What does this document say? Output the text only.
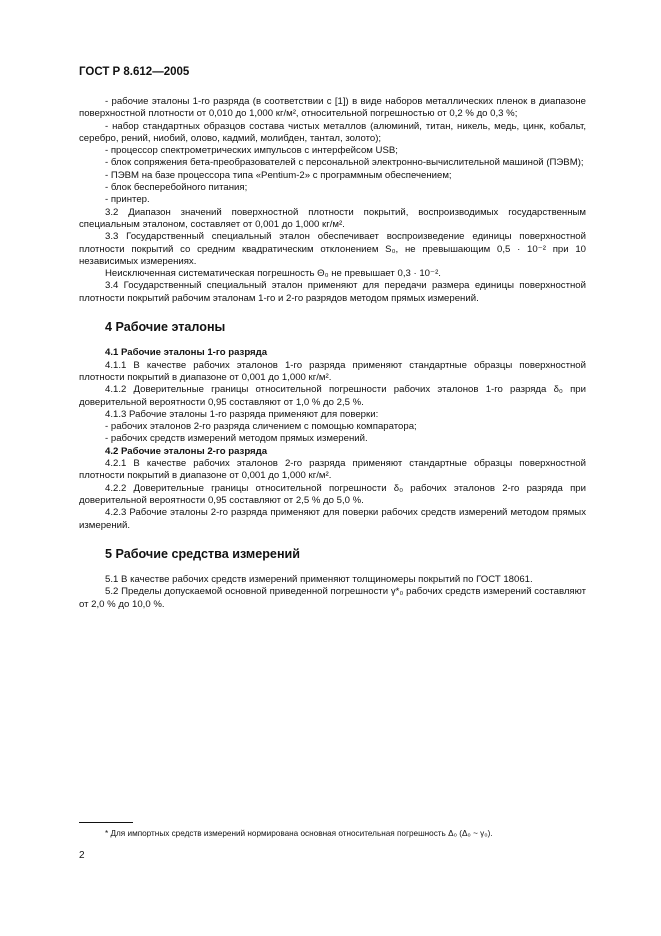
ГОСТ Р 8.612—2005

- рабочие эталоны 1-го разряда (в соответствии с [1]) в виде наборов металлических пленок в диапазоне поверхностной плотности от 0,010 до 1,000 кг/м², относительной погрешностью от 0,2 % до 0,3 %;

- набор стандартных образцов состава чистых металлов (алюминий, титан, никель, медь, цинк, кобальт, серебро, рений, ниобий, олово, кадмий, молибден, тантал, золото);

- процессор спектрометрических импульсов с интерфейсом USB;

- блок сопряжения бета-преобразователей с персональной электронно-вычислительной машиной (ПЭВМ);

- ПЭВМ на базе процессора типа «Pentium-2» с программным обеспечением;

- блок бесперебойного питания;

- принтер.

3.2 Диапазон значений поверхностной плотности покрытий, воспроизводимых государственным специальным эталоном, составляет от 0,001 до 1,000 кг/м².

3.3 Государственный специальный эталон обеспечивает воспроизведение единицы поверхностной плотности покрытий со средним квадратическим отклонением S₀, не превышающим 0,5 · 10⁻² при 10 независимых измерениях.

Неисключенная систематическая погрешность Θ₀ не превышает 0,3 · 10⁻².

3.4 Государственный специальный эталон применяют для передачи размера единицы поверхностной плотности покрытий рабочим эталонам 1-го и 2-го разрядов методом прямых измерений.

4 Рабочие эталоны

4.1 Рабочие эталоны 1-го разряда

4.1.1 В качестве рабочих эталонов 1-го разряда применяют стандартные образцы поверхностной плотности покрытий в диапазоне от 0,001 до 1,000 кг/м².

4.1.2 Доверительные границы относительной погрешности рабочих эталонов 1-го разряда δ₀ при доверительной вероятности 0,95 составляют от 1,0 % до 2,5 %.

4.1.3 Рабочие эталоны 1-го разряда применяют для поверки:

- рабочих эталонов 2-го разряда сличением с помощью компаратора;

- рабочих средств измерений методом прямых измерений.

4.2 Рабочие эталоны 2-го разряда

4.2.1 В качестве рабочих эталонов 2-го разряда применяют стандартные образцы поверхностной плотности покрытий в диапазоне от 0,001 до 1,000 кг/м².

4.2.2 Доверительные границы относительной погрешности δ₀ рабочих эталонов 2-го разряда при доверительной вероятности 0,95 составляют от 2,5 % до 5,0 %.

4.2.3 Рабочие эталоны 2-го разряда применяют для поверки рабочих средств измерений методом прямых измерений.

5 Рабочие средства измерений

5.1 В качестве рабочих средств измерений применяют толщиномеры покрытий по ГОСТ 18061.

5.2 Пределы допускаемой основной приведенной погрешности γ*₀ рабочих средств измерений составляют от 2,0 % до 10,0 %.

* Для импортных средств измерений нормирована основная относительная погрешность Δ₀ (Δ₀ ~ γ₀).
2
